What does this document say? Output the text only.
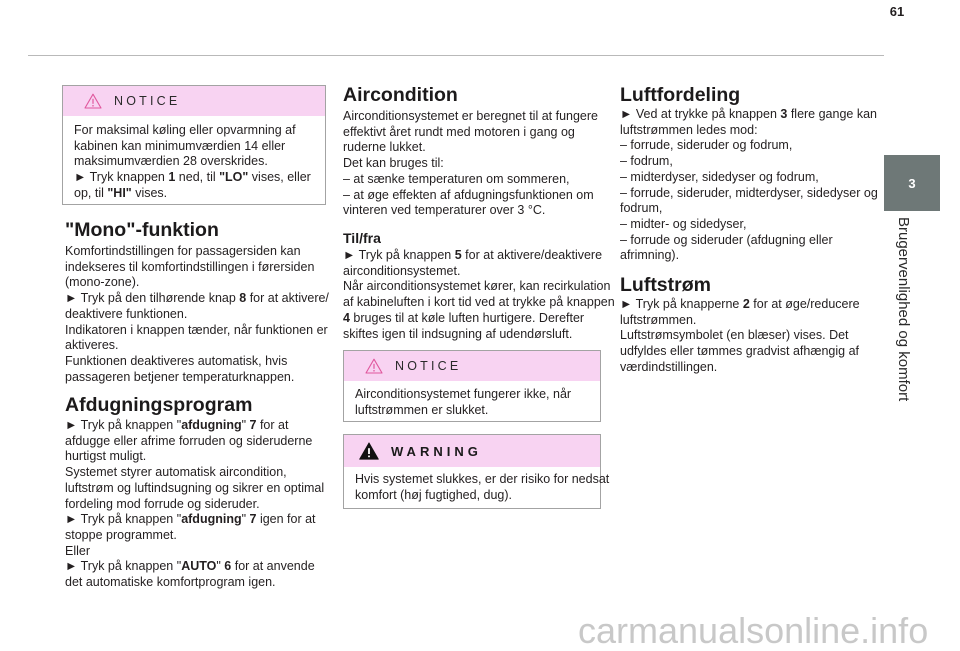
61
3
Brugervenlighed og komfort
NOTICE
For maksimal køling eller opvarmning af
kabinen kan minimumværdien 14 eller
maksimumværdien 28 overskrides.
► Tryk knappen 1 ned, til "LO" vises, eller
op, til "HI" vises.
"Mono"-funktion
Komfortindstillingen for passagersiden kan
indekseres til komfortindstillingen i førersiden
(mono-zone).
► Tryk på den tilhørende knap 8 for at aktivere/
deaktivere funktionen.
Indikatoren i knappen tænder, når funktionen er
aktiveres.
Funktionen deaktiveres automatisk, hvis
passageren betjener temperaturknappen.
Afdugningsprogram
► Tryk på knappen "afdugning" 7 for at
afdugge eller afrime forruden og sideruderne
hurtigst muligt.
Systemet styrer automatisk aircondition,
luftstrøm og luftindsugning og sikrer en optimal
fordeling mod forrude og sideruder.
► Tryk på knappen "afdugning" 7 igen for at
stoppe programmet.
Eller
► Tryk på knappen "AUTO" 6 for at anvende
det automatiske komfortprogram igen.
Aircondition
Airconditionsystemet er beregnet til at fungere
effektivt året rundt med motoren i gang og
ruderne lukket.
Det kan bruges til:
– at sænke temperaturen om sommeren,
– at øge effekten af afdugningsfunktionen om
vinteren ved temperaturer over 3 °C.
Til/fra
► Tryk på knappen 5 for at aktivere/deaktivere
airconditionsystemet.
Når airconditionsystemet kører, kan recirkulation
af kabineluften i kort tid ved at trykke på knappen
4 bruges til at køle luften hurtigere. Derefter
skiftes igen til indsugning af udendørsluft.
NOTICE
Airconditionsystemet fungerer ikke, når
luftstrømmen er slukket.
WARNING
Hvis systemet slukkes, er der risiko for nedsat
komfort (høj fugtighed, dug).
Luftfordeling
► Ved at trykke på knappen 3 flere gange kan
luftstrømmen ledes mod:
– forrude, sideruder og fodrum,
– fodrum,
– midterdyser, sidedyser og fodrum,
– forrude, sideruder, midterdyser, sidedyser og
fodrum,
– midter- og sidedyser,
– forrude og sideruder (afdugning eller
afrimning).
Luftstrøm
► Tryk på knapperne 2 for at øge/reducere
luftstrømmen.
Luftstrømsymbolet (en blæser) vises. Det
udfyldes eller tømmes gradvist afhængig af
værdindstillingen.
carmanualsonline.info
